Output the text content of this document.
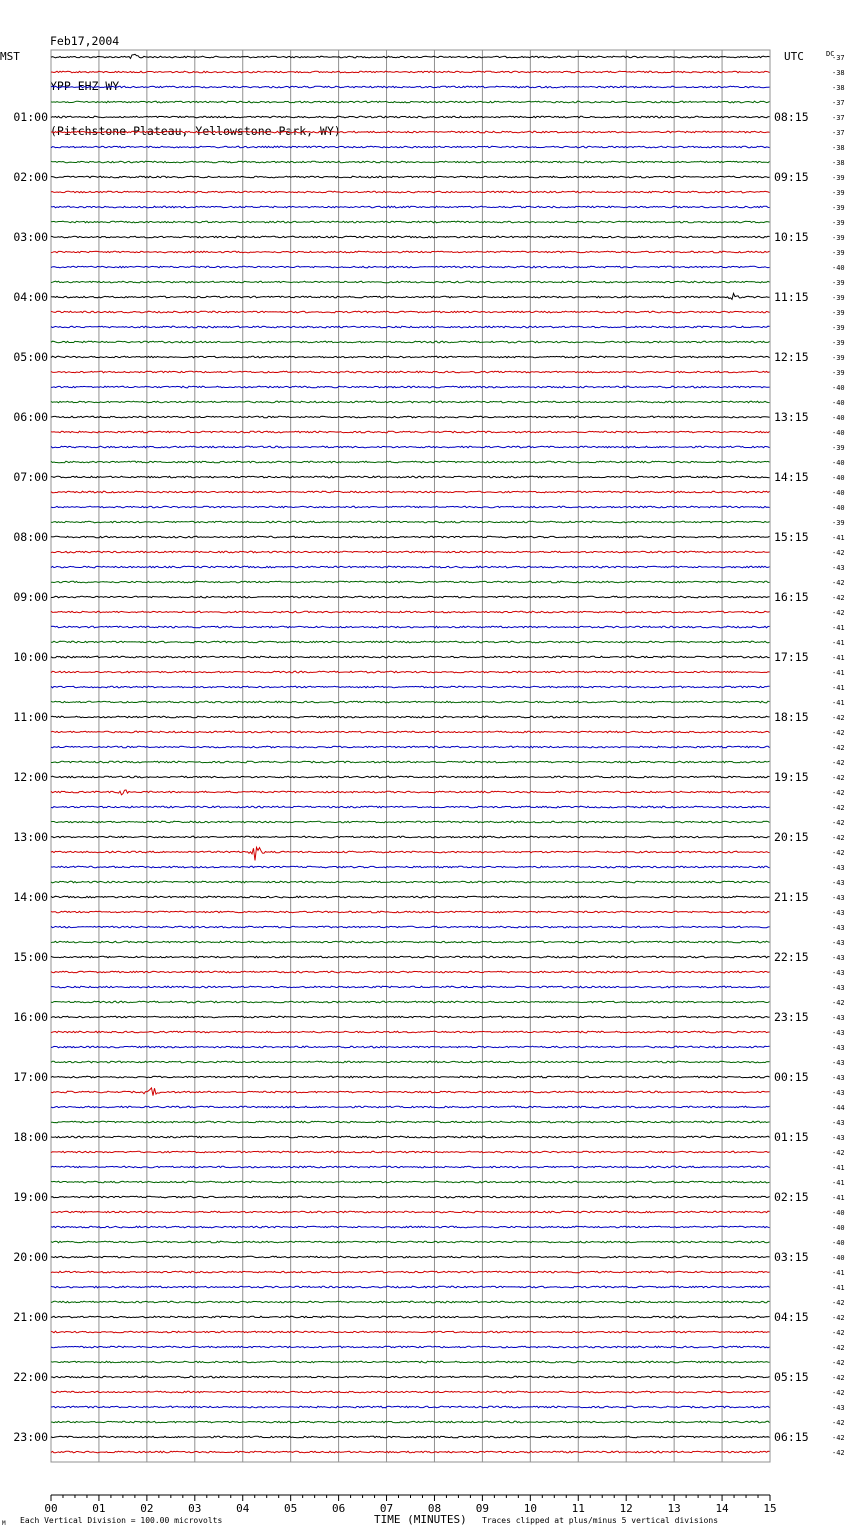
Feb17,2004

YPP EHZ WY

(Pitchstone Plateau, Yellowstone Park, WY)

00	01	02	03	04	05	06	07	08	09	10	11	12	13	14	15
-37
-38
-38
-37
-37
01:00	08:15
-37
-38
-38
-39
02:00	09:15
-39
-39
-39
-39
03:00	10:15
-39
-40
-39
-39
04:00	11:15
-39
-39
-39
-39
05:00	12:15
-39
-40
-40
-40
06:00	13:15
-40
-39
-40
-40
07:00	14:15
-40
-40
-39
-41
08:00	15:15
-42
-43
-42
-42
09:00	16:15
-42
-41
-41
-41
10:00	17:15
-41
-41
-41
-42
11:00	18:15
-42
-42
-42
-42
12:00	19:15
-42
-42
-42
-42
13:00	20:15
-42
-43
-43
-43
14:00	21:15
-43
-43
-43
-43
15:00	22:15
-43
-43
-42
-43
16:00	23:15
-43
-43
-43
-43
17:00	00:15
-43
-44
-43
-43
18:00	01:15
-42
-41
-41
-41
19:00	02:15
-40
-40
-40
-40
20:00	03:15
-41
-41
-42
-42
21:00	04:15
-42
-42
-42
-42
22:00	05:15
-42
-43
-42
-42
23:00	06:15
-42
MST	UTC	DC
M Each Vertical Division = 100.00 microvolts	TIME (MINUTES) Traces clipped at plus/minus 5 vertical divisions
